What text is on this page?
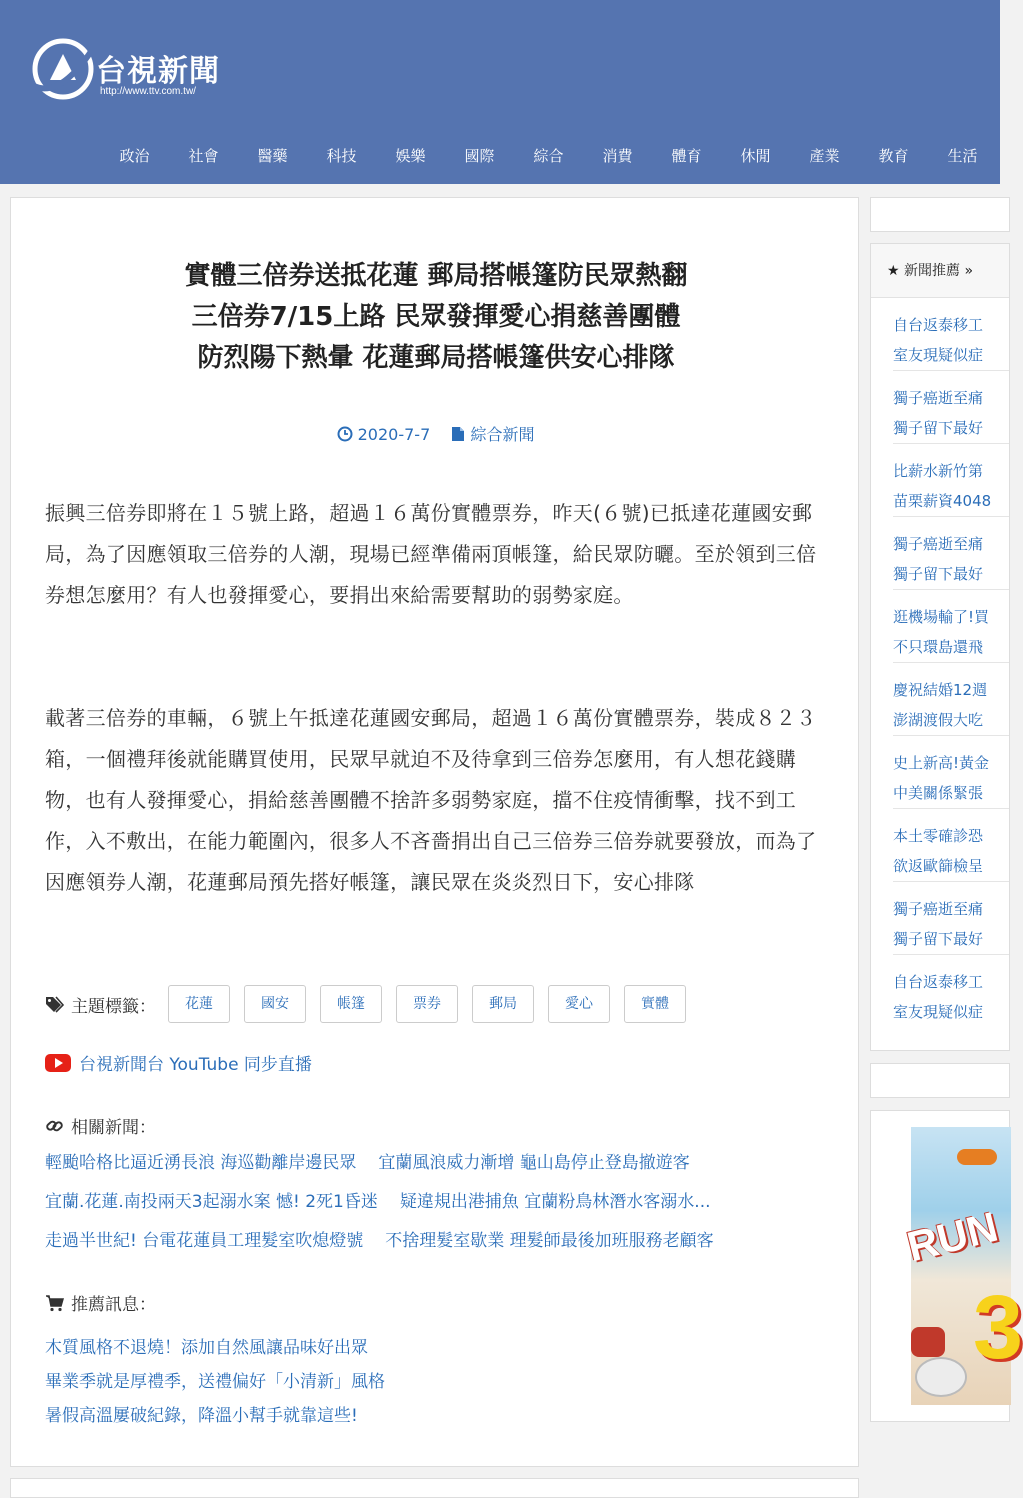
台視新聞
http://www.ttv.com.tw/
政治	社會	醫藥	科技	娛樂	國際	綜合	消費	體育	休閒	產業	教育	生活
實體三倍券送抵花蓮 郵局搭帳篷防民眾熱翻
三倍券7/15上路 民眾發揮愛心捐慈善團體
防烈陽下熱暈 花蓮郵局搭帳篷供安心排隊
2020-7-7	綜合新聞
振興三倍券即將在１５號上路，超過１６萬份實體票券，昨天(６號)已抵達花蓮國安郵局，為了因應領取三倍券的人潮，現場已經準備兩頂帳篷，給民眾防曬。至於領到三倍券想怎麼用？有人也發揮愛心，要捐出來給需要幫助的弱勢家庭。
載著三倍券的車輛，６號上午抵達花蓮國安郵局，超過１６萬份實體票券，裝成８２３箱，一個禮拜後就能購買使用，民眾早就迫不及待拿到三倍券怎麼用，有人想花錢購物，也有人發揮愛心，捐給慈善團體不捨許多弱勢家庭，擋不住疫情衝擊，找不到工作，入不敷出，在能力範圍內，很多人不吝嗇捐出自己三倍券三倍券就要發放，而為了因應領券人潮，花蓮郵局預先搭好帳篷，讓民眾在炎炎烈日下，安心排隊
主題標籤：	花蓮	國安	帳篷	票券	郵局	愛心	實體
台視新聞台 YouTube 同步直播
相關新聞：
輕颱哈格比逼近湧長浪 海巡勸離岸邊民眾 宜蘭風浪威力漸增 龜山島停止登島撤遊客
宜蘭.花蓮.南投兩天3起溺水案 憾! 2死1昏迷 疑違規出港捕魚 宜蘭粉鳥林潛水客溺水...
走過半世紀! 台電花蓮員工理髮室吹熄燈號 不捨理髮室歇業 理髮師最後加班服務老顧客
推薦訊息：
木質風格不退燒！添加自然風讓品味好出眾
畢業季就是厚禮季，送禮偏好「小清新」風格
暑假高溫屢破紀錄，降溫小幫手就靠這些!
★ 新聞推薦 »
自台返泰移工
室友現疑似症
獨子癌逝至痛
獨子留下最好
比薪水新竹第
苗栗薪資4048
獨子癌逝至痛
獨子留下最好
逛機場輸了!買
不只環島還飛
慶祝結婚12週
澎湖渡假大吃
史上新高!黃金
中美關係緊張
本土零確診恐
欲返歐篩檢呈
獨子癌逝至痛
獨子留下最好
自台返泰移工
室友現疑似症
RUN
3
